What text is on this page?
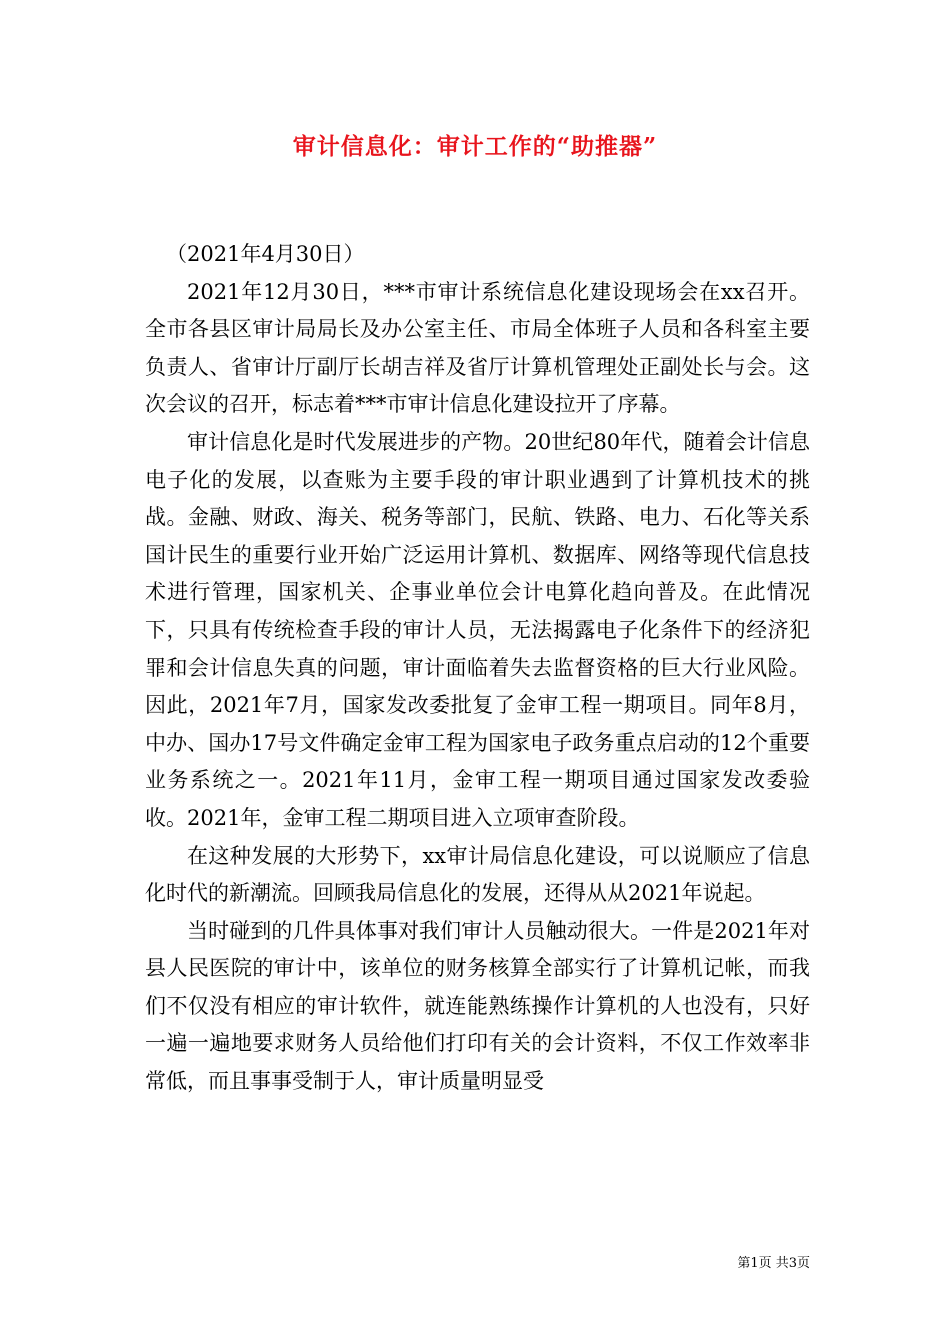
审计信息化：审计工作的“助推器”

（2021年4月30日）

2021年12月30日，***市审计系统信息化建设现场会在xx召开。全市各县区审计局局长及办公室主任、市局全体班子人员和各科室主要负责人、省审计厅副厅长胡吉祥及省厅计算机管理处正副处长与会。这次会议的召开，标志着***市审计信息化建设拉开了序幕。

审计信息化是时代发展进步的产物。20世纪80年代，随着会计信息电子化的发展，以查账为主要手段的审计职业遇到了计算机技术的挑战。金融、财政、海关、税务等部门，民航、铁路、电力、石化等关系国计民生的重要行业开始广泛运用计算机、数据库、网络等现代信息技术进行管理，国家机关、企事业单位会计电算化趋向普及。在此情况下，只具有传统检查手段的审计人员，无法揭露电子化条件下的经济犯罪和会计信息失真的问题，审计面临着失去监督资格的巨大行业风险。因此，2021年7月，国家发改委批复了金审工程一期项目。同年8月，中办、国办17号文件确定金审工程为国家电子政务重点启动的12个重要业务系统之一。2021年11月，金审工程一期项目通过国家发改委验收。2021年，金审工程二期项目进入立项审查阶段。

在这种发展的大形势下，xx审计局信息化建设，可以说顺应了信息化时代的新潮流。回顾我局信息化的发展，还得从从2021年说起。

当时碰到的几件具体事对我们审计人员触动很大。一件是2021年对县人民医院的审计中，该单位的财务核算全部实行了计算机记帐，而我们不仅没有相应的审计软件，就连能熟练操作计算机的人也没有，只好一遍一遍地要求财务人员给他们打印有关的会计资料，不仅工作效率非常低，而且事事受制于人，审计质量明显受

第1页 共3页
